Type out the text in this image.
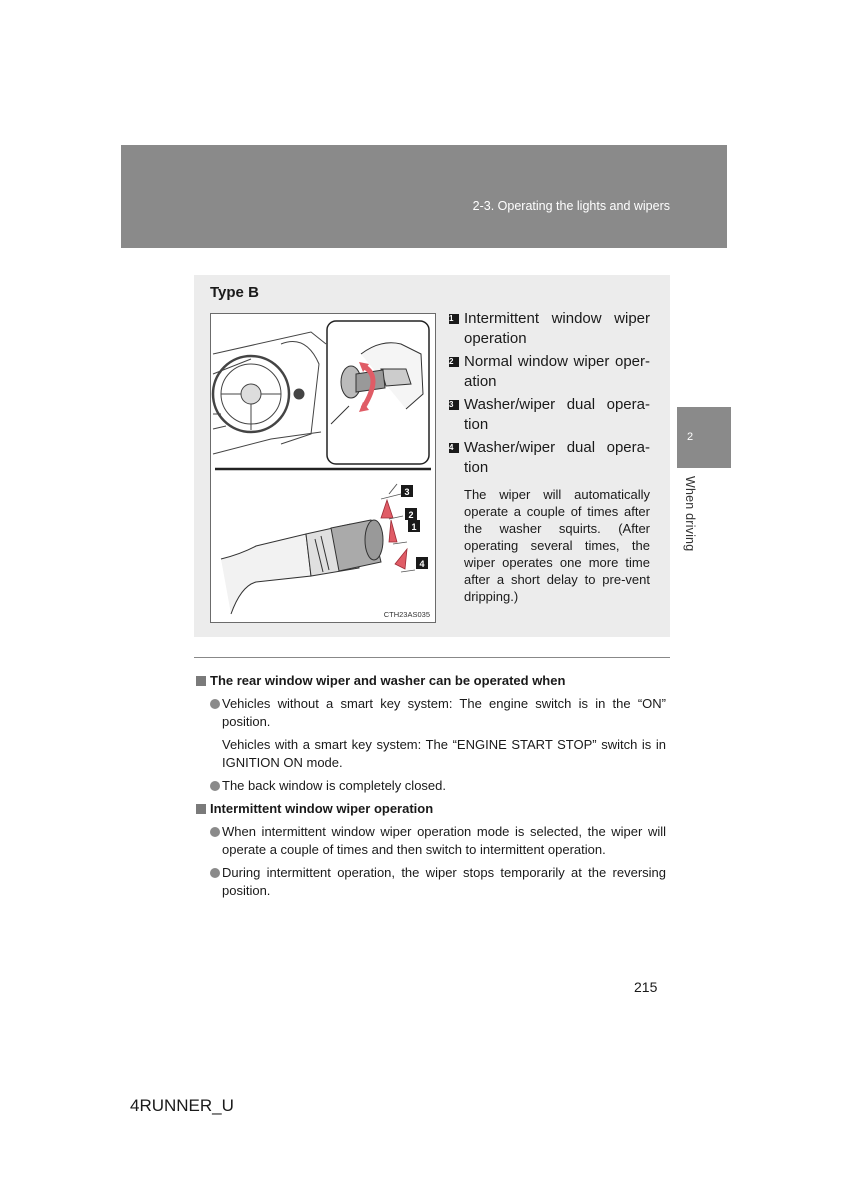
2-3. Operating the lights and wipers
2
When driving
Type B
3
2
1
4
CTH23AS035
1 Intermittent window wiper operation
2 Normal window wiper oper-ation
3 Washer/wiper dual opera-tion
4 Washer/wiper dual opera-tion
The wiper will automatically operate a couple of times after the washer squirts. (After operating several times, the wiper operates one more time after a short delay to pre-vent dripping.)
The rear window wiper and washer can be operated when
Vehicles without a smart key system: The engine switch is in the “ON” position.
Vehicles with a smart key system: The “ENGINE START STOP” switch is in IGNITION ON mode.
The back window is completely closed.
Intermittent window wiper operation
When intermittent window wiper operation mode is selected, the wiper will operate a couple of times and then switch to intermittent operation.
During intermittent operation, the wiper stops temporarily at the reversing position.
215
4RUNNER_U
